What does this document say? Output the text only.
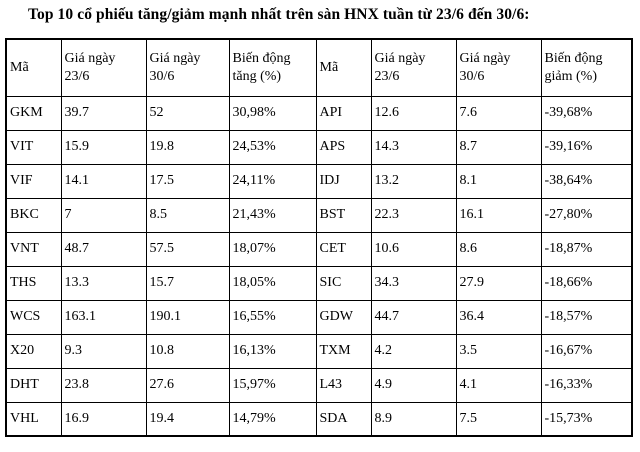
Top 10 cổ phiếu tăng/giảm mạnh nhất trên sàn HNX tuần từ 23/6 đến 30/6:
Mã	Giá ngày 23/6	Giá ngày 30/6	Biến động tăng (%)	Mã	Giá ngày 23/6	Giá ngày 30/6	Biến động giảm (%)
GKM	39.7	52	30,98%	API	12.6	7.6	-39,68%
VIT	15.9	19.8	24,53%	APS	14.3	8.7	-39,16%
VIF	14.1	17.5	24,11%	IDJ	13.2	8.1	-38,64%
BKC	7	8.5	21,43%	BST	22.3	16.1	-27,80%
VNT	48.7	57.5	18,07%	CET	10.6	8.6	-18,87%
THS	13.3	15.7	18,05%	SIC	34.3	27.9	-18,66%
WCS	163.1	190.1	16,55%	GDW	44.7	36.4	-18,57%
X20	9.3	10.8	16,13%	TXM	4.2	3.5	-16,67%
DHT	23.8	27.6	15,97%	L43	4.9	4.1	-16,33%
VHL	16.9	19.4	14,79%	SDA	8.9	7.5	-15,73%
